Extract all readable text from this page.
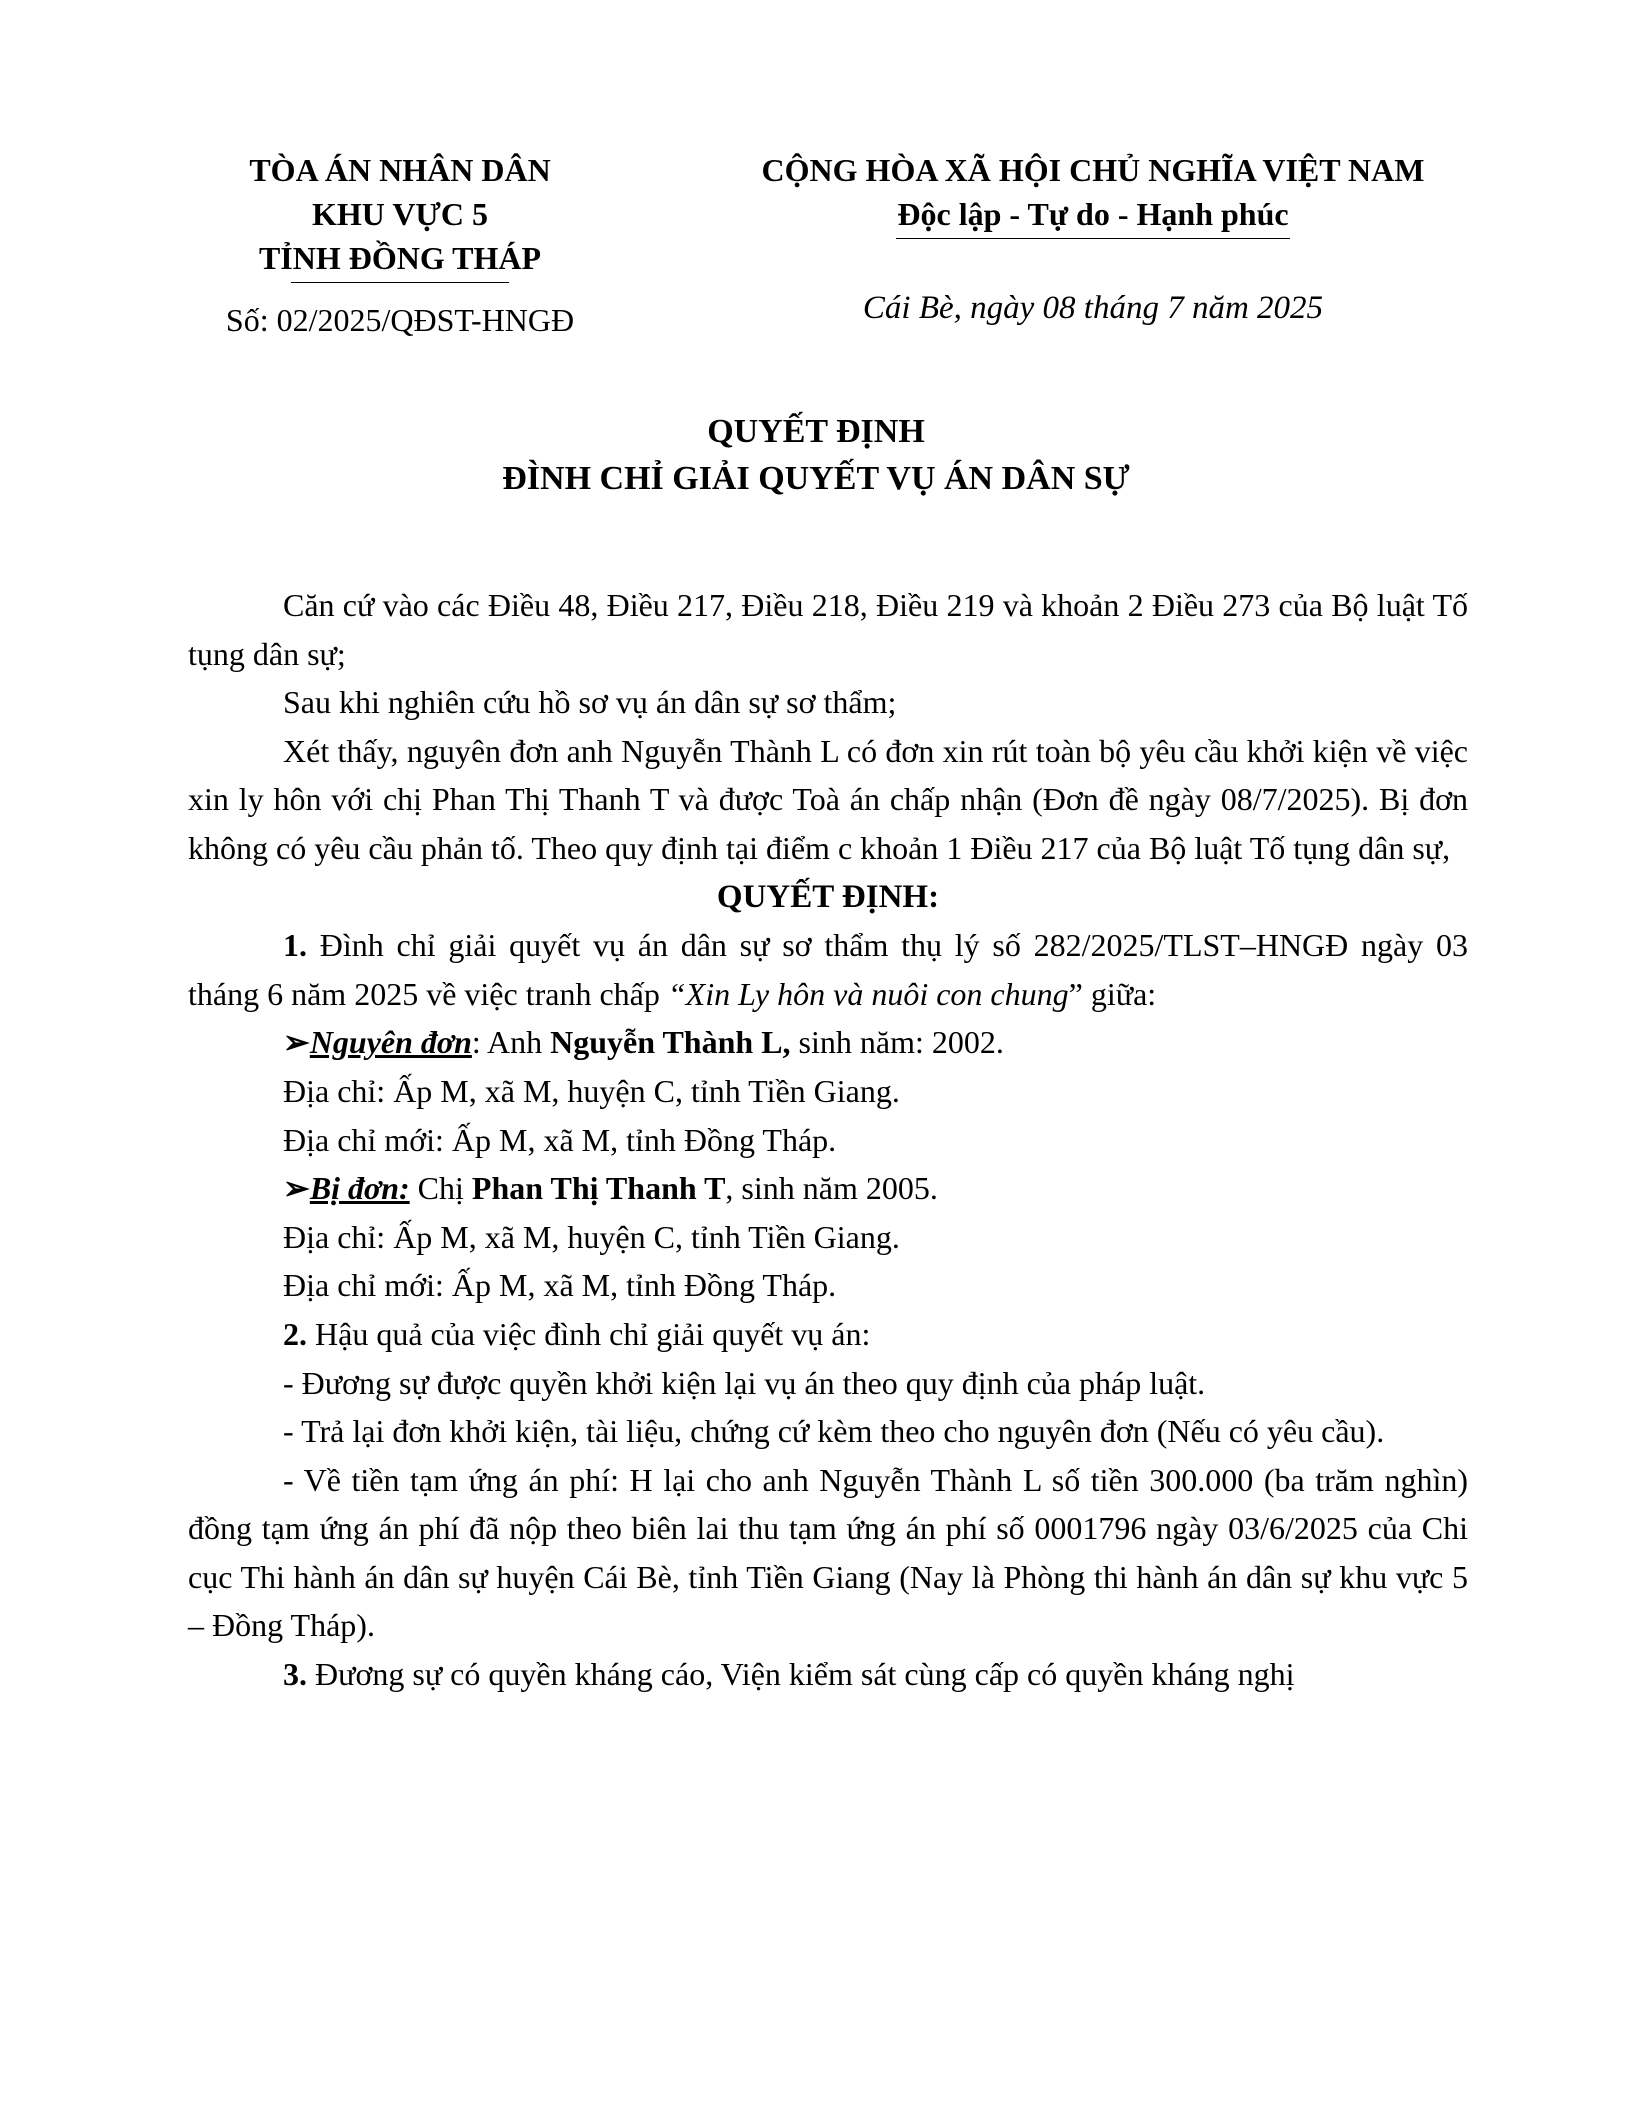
TÒA ÁN NHÂN DÂN
KHU VỰC 5
TỈNH ĐỒNG THÁP
Số: 02/2025/QĐST-HNGĐ
CỘNG HÒA XÃ HỘI CHỦ NGHĨA VIỆT NAM
Độc lập - Tự do - Hạnh phúc
Cái Bè, ngày 08 tháng 7 năm 2025
QUYẾT ĐỊNH
ĐÌNH CHỈ GIẢI QUYẾT VỤ ÁN DÂN SỰ

Căn cứ vào các Điều 48, Điều 217, Điều 218, Điều 219 và khoản 2 Điều 273 của Bộ luật Tố tụng dân sự;

Sau khi nghiên cứu hồ sơ vụ án dân sự sơ thẩm;

Xét thấy, nguyên đơn anh Nguyễn Thành L có đơn xin rút toàn bộ yêu cầu khởi kiện về việc xin ly hôn với chị Phan Thị Thanh T và được Toà án chấp nhận (Đơn đề ngày 08/7/2025). Bị đơn không có yêu cầu phản tố. Theo quy định tại điểm c khoản 1 Điều 217 của Bộ luật Tố tụng dân sự,

QUYẾT ĐỊNH:

1. Đình chỉ giải quyết vụ án dân sự sơ thẩm thụ lý số 282/2025/TLST–HNGĐ ngày 03 tháng 6 năm 2025 về việc tranh chấp “Xin Ly hôn và nuôi con chung” giữa:

➢Nguyên đơn: Anh Nguyễn Thành L, sinh năm: 2002.

Địa chỉ: Ấp M, xã M, huyện C, tỉnh Tiền Giang.

Địa chỉ mới: Ấp M, xã M, tỉnh Đồng Tháp.

➢Bị đơn: Chị Phan Thị Thanh T, sinh năm 2005.

Địa chỉ: Ấp M, xã M, huyện C, tỉnh Tiền Giang.

Địa chỉ mới: Ấp M, xã M, tỉnh Đồng Tháp.

2. Hậu quả của việc đình chỉ giải quyết vụ án:

- Đương sự được quyền khởi kiện lại vụ án theo quy định của pháp luật.

- Trả lại đơn khởi kiện, tài liệu, chứng cứ kèm theo cho nguyên đơn (Nếu có yêu cầu).

- Về tiền tạm ứng án phí: H lại cho anh Nguyễn Thành L số tiền 300.000 (ba trăm nghìn) đồng tạm ứng án phí đã nộp theo biên lai thu tạm ứng án phí số 0001796 ngày 03/6/2025 của Chi cục Thi hành án dân sự huyện Cái Bè, tỉnh Tiền Giang (Nay là Phòng thi hành án dân sự khu vực 5 – Đồng Tháp).

3. Đương sự có quyền kháng cáo, Viện kiểm sát cùng cấp có quyền kháng nghị
